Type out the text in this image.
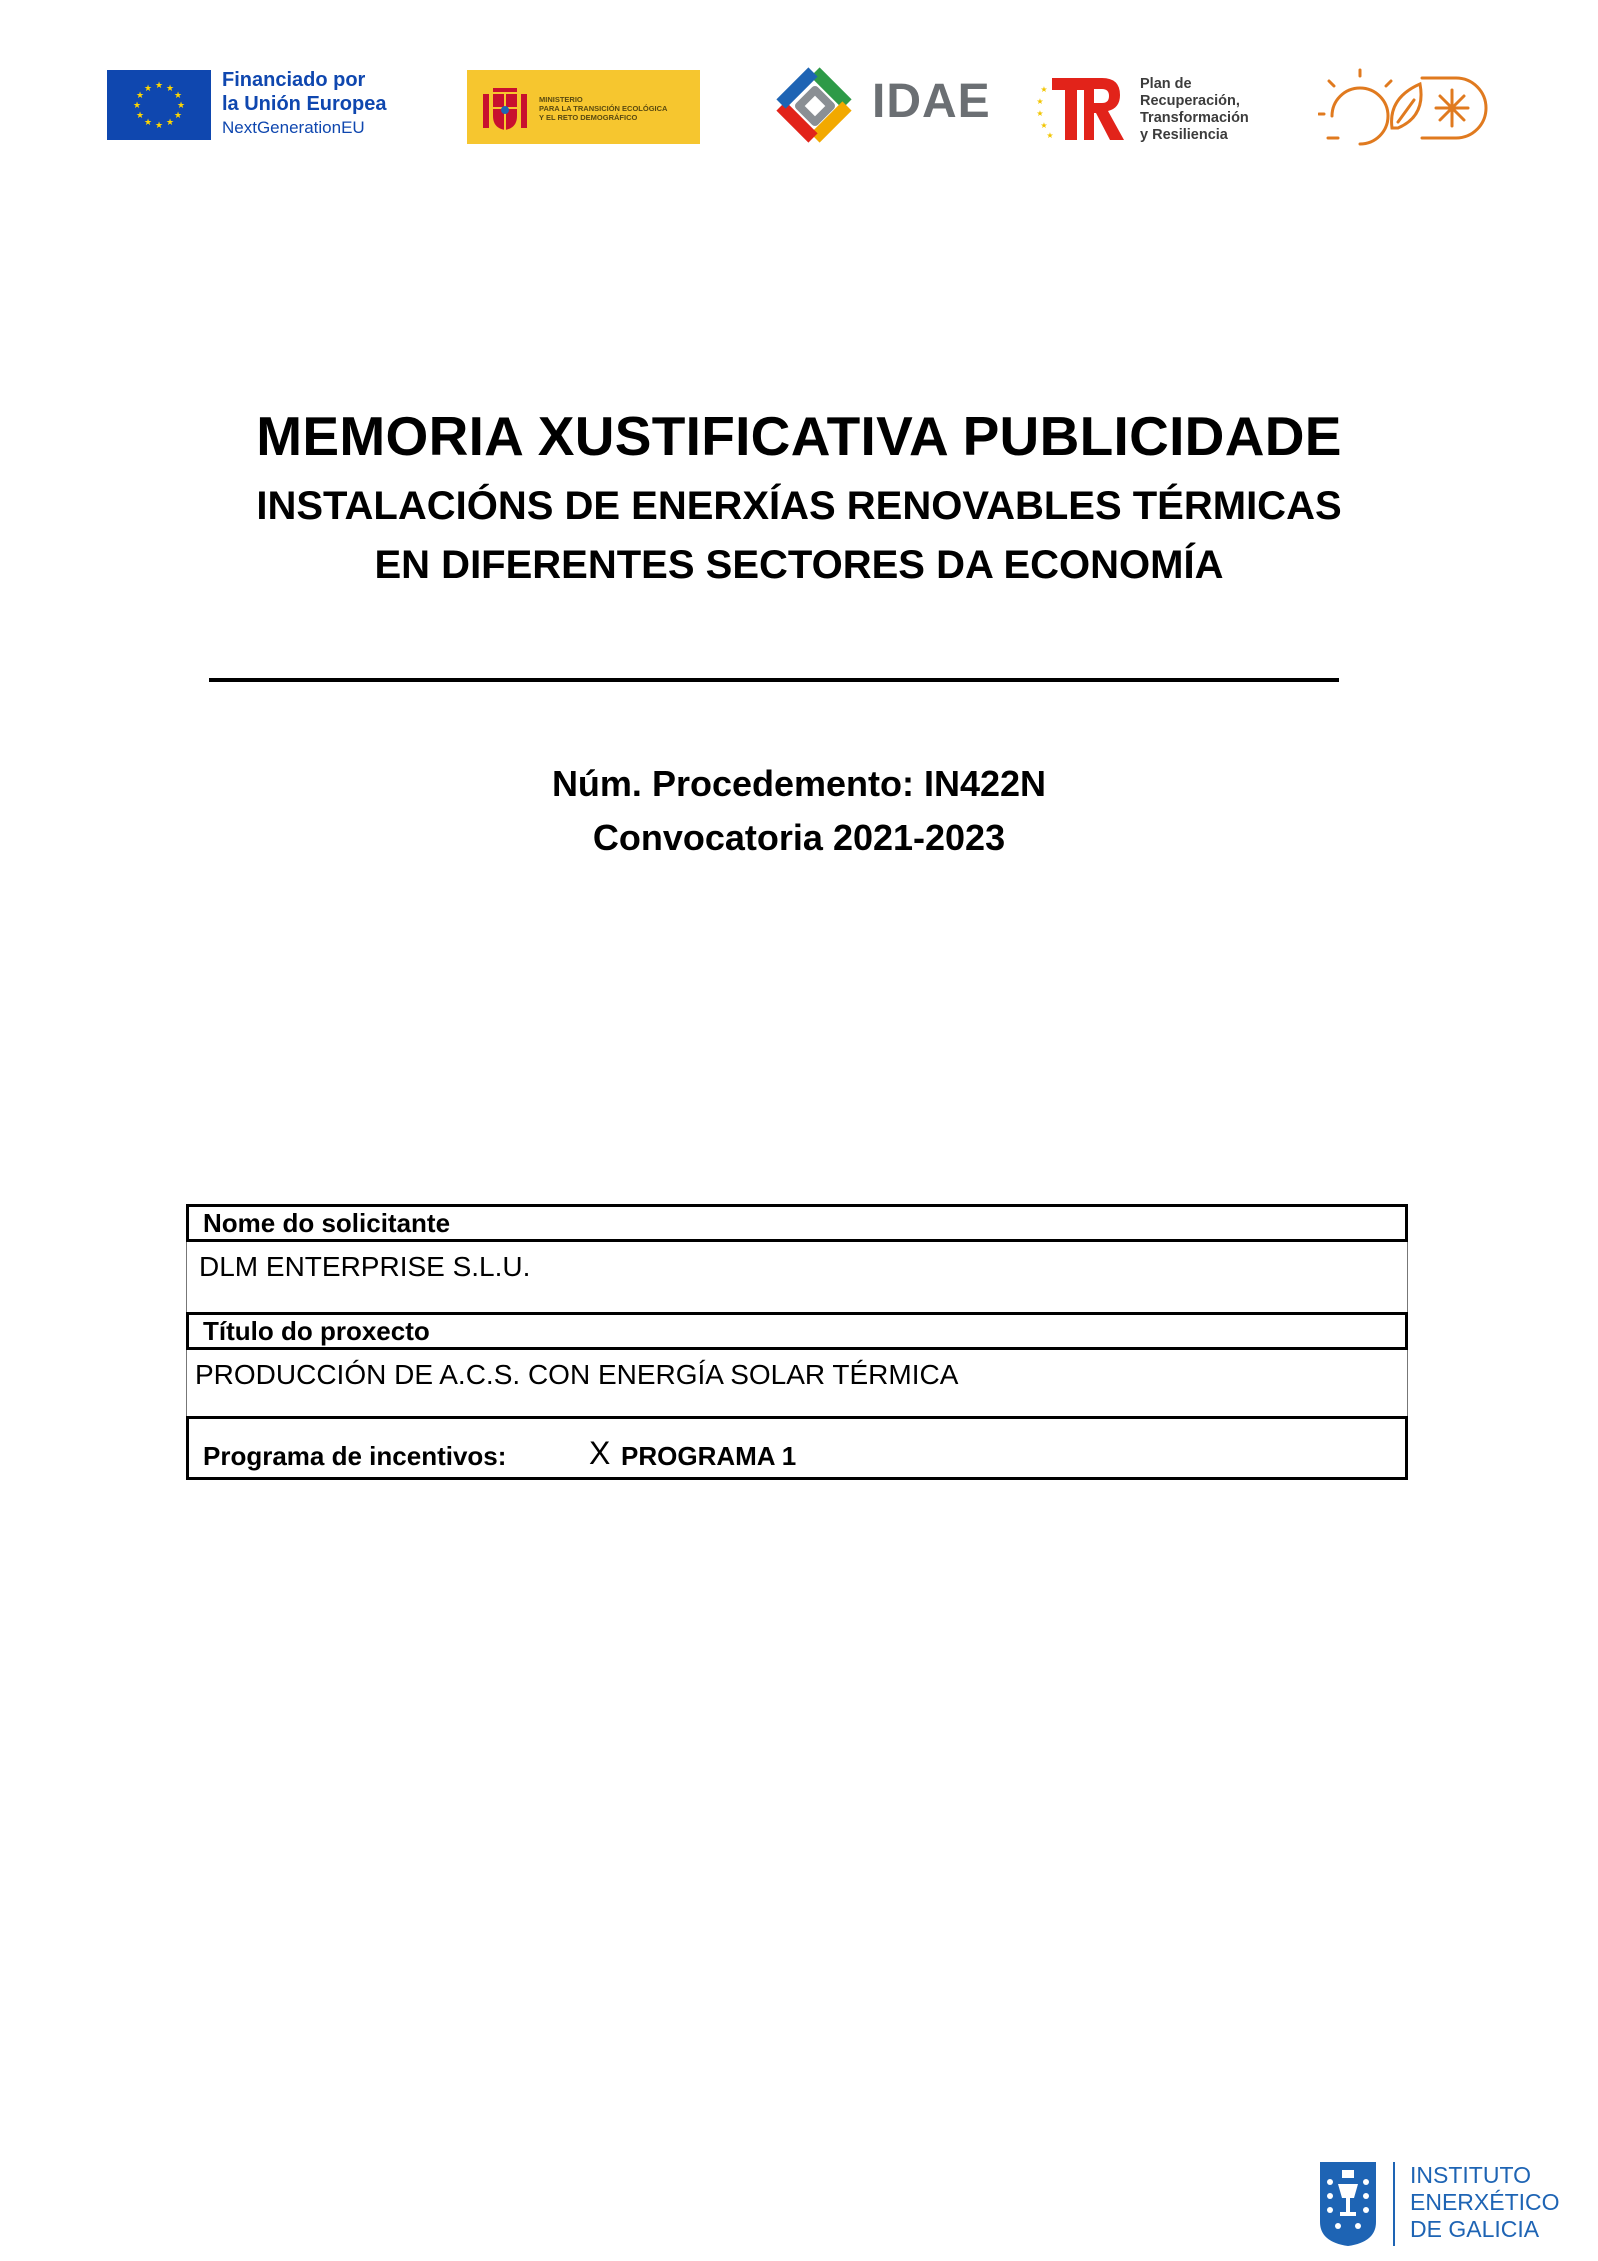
★ ★
★
★
★
★
★
★
★
★
★
★	Financiado por
la Unión Europea
NextGenerationEU
MINISTERIO
PARA LA TRANSICIÓN ECOLÓGICA
Y EL RETO DEMOGRÁFICO	IDAE	★
★
★
★
★
Plan de
Recuperación,
Transformación
y Resiliencia
MEMORIA XUSTIFICATIVA PUBLICIDADE
INSTALACIÓNS DE ENERXÍAS RENOVABLES TÉRMICAS
EN DIFERENTES SECTORES DA ECONOMÍA
Núm. Procedemento: IN422N
Convocatoria 2021-2023
Nome do solicitante
DLM ENTERPRISE S.L.U.
Título do proxecto
PRODUCCIÓN DE A.C.S. CON ENERGÍA SOLAR TÉRMICA
Programa de incentivos:	X PROGRAMA 1
INSTITUTO
ENERXÉTICO
DE GALICIA
